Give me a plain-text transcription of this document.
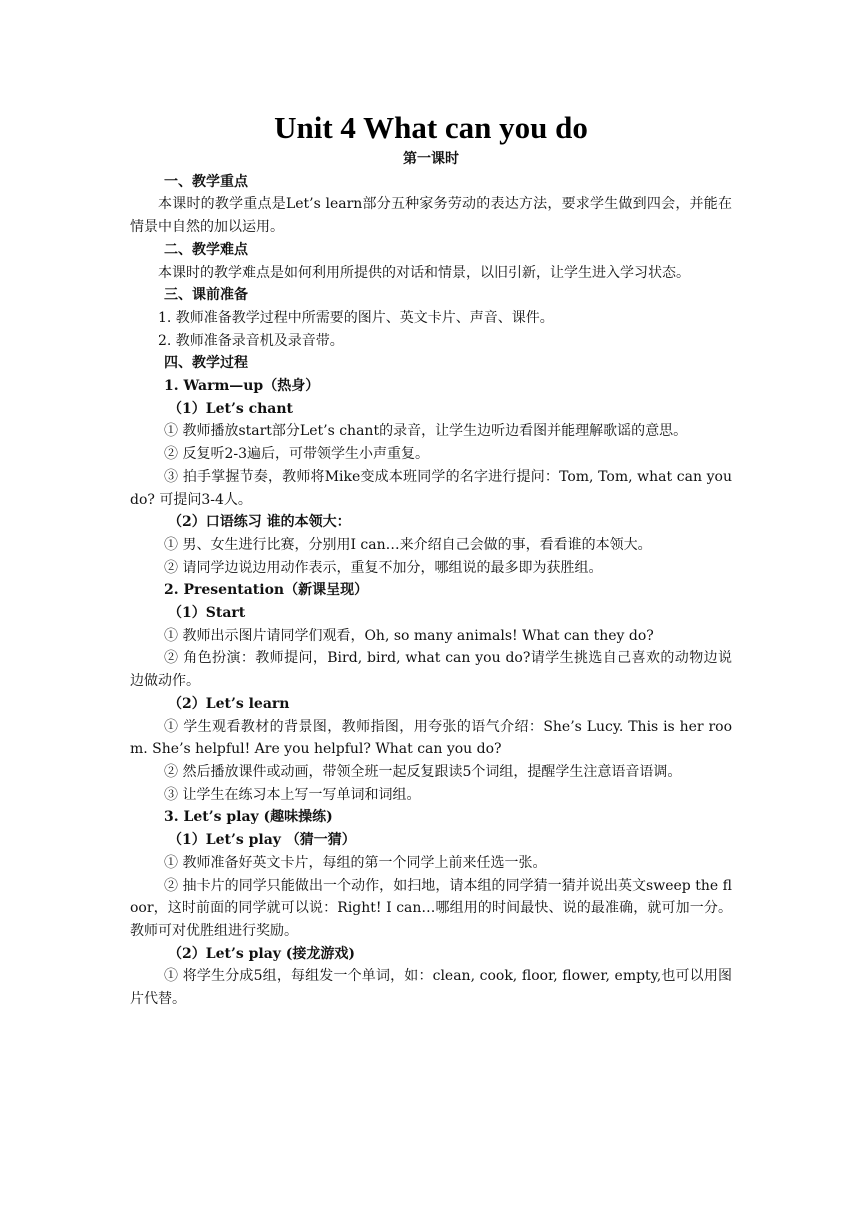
Unit 4 What can you do
第一课时
一、教学重点

本课时的教学重点是Let’s learn部分五种家务劳动的表达方法，要求学生做到四会，并能在情景中自然的加以运用。

二、教学难点

本课时的教学难点是如何利用所提供的对话和情景，以旧引新，让学生进入学习状态。

三、课前准备

1. 教师准备教学过程中所需要的图片、英文卡片、声音、课件。

2. 教师准备录音机及录音带。

四、教学过程
1. Warm—up（热身）

（1）Let’s chant

① 教师播放start部分Let’s chant的录音，让学生边听边看图并能理解歌谣的意思。

② 反复听2-3遍后，可带领学生小声重复。

③ 拍手掌握节奏，教师将Mike变成本班同学的名字进行提问：Tom, Tom, what can you do? 可提问3-4人。

（2）口语练习 谁的本领大：

① 男、女生进行比赛，分别用I can…来介绍自己会做的事，看看谁的本领大。

② 请同学边说边用动作表示，重复不加分，哪组说的最多即为获胜组。

2. Presentation（新课呈现）

（1）Start

① 教师出示图片请同学们观看，Oh, so many animals! What can they do?

② 角色扮演：教师提问，Bird, bird, what can you do?请学生挑选自己喜欢的动物边说边做动作。

（2）Let’s learn

① 学生观看教材的背景图，教师指图，用夸张的语气介绍：She’s Lucy. This is her room. She’s helpful! Are you helpful? What can you do?

② 然后播放课件或动画，带领全班一起反复跟读5个词组，提醒学生注意语音语调。

③ 让学生在练习本上写一写单词和词组。

3. Let’s play (趣味操练)

（1）Let’s play （猜一猜）

① 教师准备好英文卡片，每组的第一个同学上前来任选一张。

② 抽卡片的同学只能做出一个动作，如扫地，请本组的同学猜一猜并说出英文sweep the floor，这时前面的同学就可以说：Right! I can…哪组用的时间最快、说的最准确，就可加一分。教师可对优胜组进行奖励。

（2）Let’s play (接龙游戏)

① 将学生分成5组，每组发一个单词，如：clean, cook, floor, flower, empty,也可以用图片代替。
